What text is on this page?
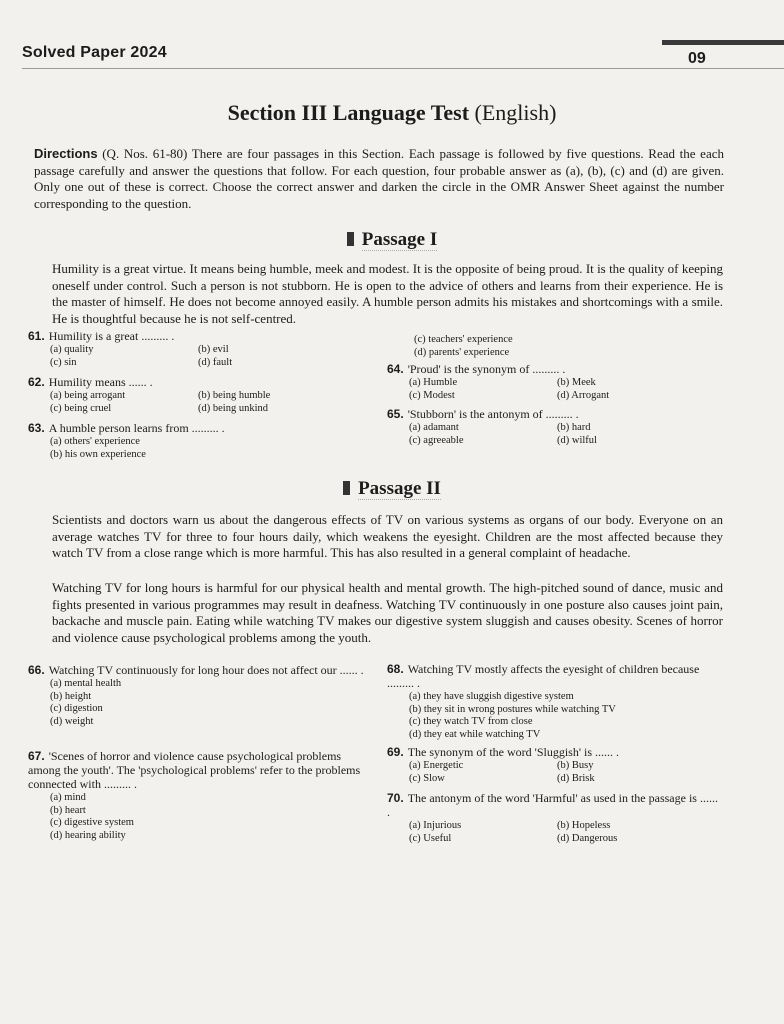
Solved Paper 2024	09
Section III Language Test (English)
Directions (Q. Nos. 61-80) There are four passages in this Section. Each passage is followed by five questions. Read the each passage carefully and answer the questions that follow. For each question, four probable answer as (a), (b), (c) and (d) are given. Only one out of these is correct. Choose the correct answer and darken the circle in the OMR Answer Sheet against the number corresponding to the question.
Passage I
Humility is a great virtue. It means being humble, meek and modest. It is the opposite of being proud. It is the quality of keeping oneself under control. Such a person is not stubborn. He is open to the advice of others and learns from their experience. He is the master of himself. He does not become annoyed easily. A humble person admits his mistakes and shortcomings with a smile. He is thoughtful because he is not self-centred.
61. Humility is a great ......... .
(a) quality	(b) evil
(c) sin	(d) fault
62. Humility means ...... .
(a) being arrogant	(b) being humble
(c) being cruel	(d) being unkind
63. A humble person learns from ......... .
(a) others' experience
(b) his own experience
(c) teachers' experience
(d) parents' experience
64. 'Proud' is the synonym of ......... .
(a) Humble	(b) Meek
(c) Modest	(d) Arrogant
65. 'Stubborn' is the antonym of ......... .
(a) adamant	(b) hard
(c) agreeable	(d) wilful
Passage II
Scientists and doctors warn us about the dangerous effects of TV on various systems as organs of our body. Everyone on an average watches TV for three to four hours daily, which weakens the eyesight. Children are the most affected because they watch TV from a close range which is more harmful. This has also resulted in a general complaint of headache.
Watching TV for long hours is harmful for our physical health and mental growth. The high-pitched sound of dance, music and fights presented in various programmes may result in deafness. Watching TV continuously in one posture also causes joint pain, backache and muscle pain. Eating while watching TV makes our digestive system sluggish and causes obesity. Scenes of horror and violence cause psychological problems among the youth.
66. Watching TV continuously for long hour does not affect our ...... .
(a) mental health
(b) height
(c) digestion
(d) weight
67. 'Scenes of horror and violence cause psychological problems among the youth'. The 'psychological problems' refer to the problems connected with ......... .
(a) mind
(b) heart
(c) digestive system
(d) hearing ability
68. Watching TV mostly affects the eyesight of children because ......... .
(a) they have sluggish digestive system
(b) they sit in wrong postures while watching TV
(c) they watch TV from close
(d) they eat while watching TV
69. The synonym of the word 'Sluggish' is ...... .
(a) Energetic	(b) Busy
(c) Slow	(d) Brisk
70. The antonym of the word 'Harmful' as used in the passage is ...... .
(a) Injurious	(b) Hopeless
(c) Useful	(d) Dangerous
